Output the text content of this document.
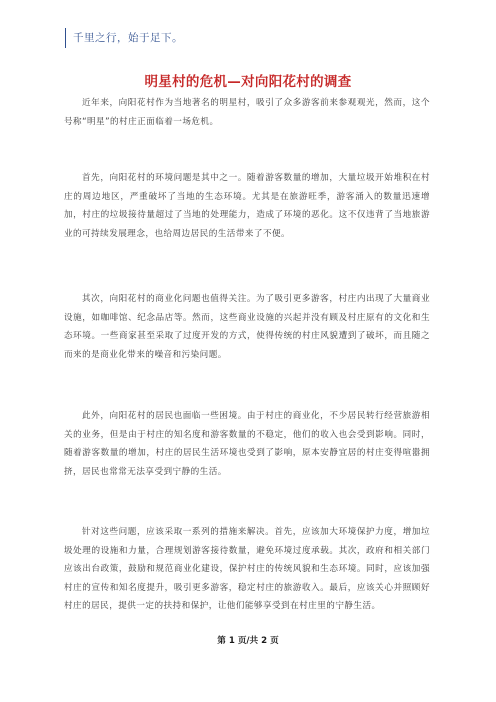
千里之行，始于足下。
明星村的危机—对向阳花村的调查
近年来，向阳花村作为当地著名的明星村，吸引了众多游客前来参观观光，然而，这个号称“明星”的村庄正面临着一场危机。
首先，向阳花村的环境问题是其中之一。随着游客数量的增加，大量垃圾开始堆积在村庄的周边地区，严重破坏了当地的生态环境。尤其是在旅游旺季，游客涌入的数量迅速增加，村庄的垃圾接待量超过了当地的处理能力，造成了环境的恶化。这不仅违背了当地旅游业的可持续发展理念，也给周边居民的生活带来了不便。
其次，向阳花村的商业化问题也值得关注。为了吸引更多游客，村庄内出现了大量商业设施，如咖啡馆、纪念品店等。然而，这些商业设施的兴起并没有顾及村庄原有的文化和生态环境。一些商家甚至采取了过度开发的方式，使得传统的村庄风貌遭到了破坏，而且随之而来的是商业化带来的噪音和污染问题。
此外，向阳花村的居民也面临一些困境。由于村庄的商业化，不少居民转行经营旅游相关的业务，但是由于村庄的知名度和游客数量的不稳定，他们的收入也会受到影响。同时，随着游客数量的增加，村庄的居民生活环境也受到了影响，原本安静宜居的村庄变得喧嚣拥挤，居民也常常无法享受到宁静的生活。
针对这些问题，应该采取一系列的措施来解决。首先，应该加大环境保护力度，增加垃圾处理的设施和力量，合理规划游客接待数量，避免环境过度承载。其次，政府和相关部门应该出台政策，鼓励和规范商业化建设，保护村庄的传统风貌和生态环境。同时，应该加强村庄的宣传和知名度提升，吸引更多游客，稳定村庄的旅游收入。最后，应该关心并照顾好村庄的居民，提供一定的扶持和保护，让他们能够享受到在村庄里的宁静生活。
第 1 页/共 2 页
